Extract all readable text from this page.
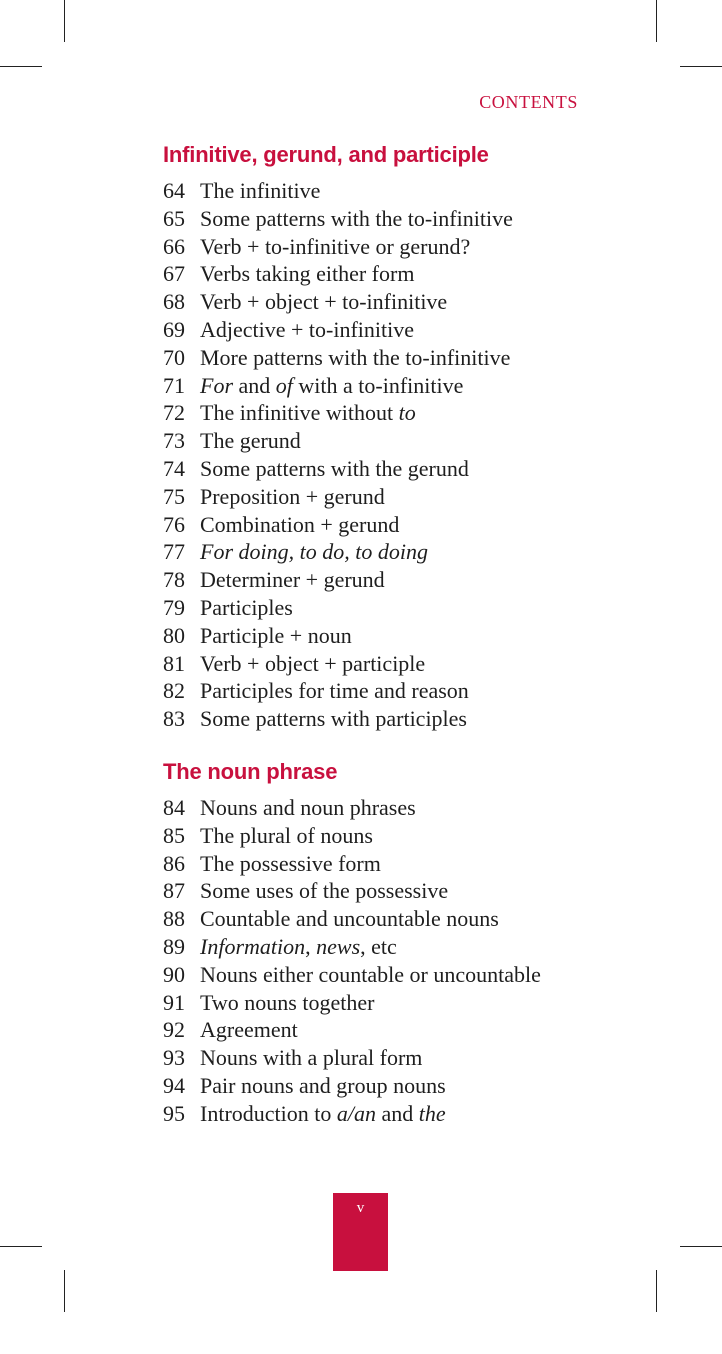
CONTENTS
Infinitive, gerund, and participle
64 The infinitive
65 Some patterns with the to-infinitive
66 Verb + to-infinitive or gerund?
67 Verbs taking either form
68 Verb + object + to-infinitive
69 Adjective + to-infinitive
70 More patterns with the to-infinitive
71 For and of with a to-infinitive
72 The infinitive without to
73 The gerund
74 Some patterns with the gerund
75 Preposition + gerund
76 Combination + gerund
77 For doing, to do, to doing
78 Determiner + gerund
79 Participles
80 Participle + noun
81 Verb + object + participle
82 Participles for time and reason
83 Some patterns with participles
The noun phrase
84 Nouns and noun phrases
85 The plural of nouns
86 The possessive form
87 Some uses of the possessive
88 Countable and uncountable nouns
89 Information, news, etc
90 Nouns either countable or uncountable
91 Two nouns together
92 Agreement
93 Nouns with a plural form
94 Pair nouns and group nouns
95 Introduction to a/an and the
v
